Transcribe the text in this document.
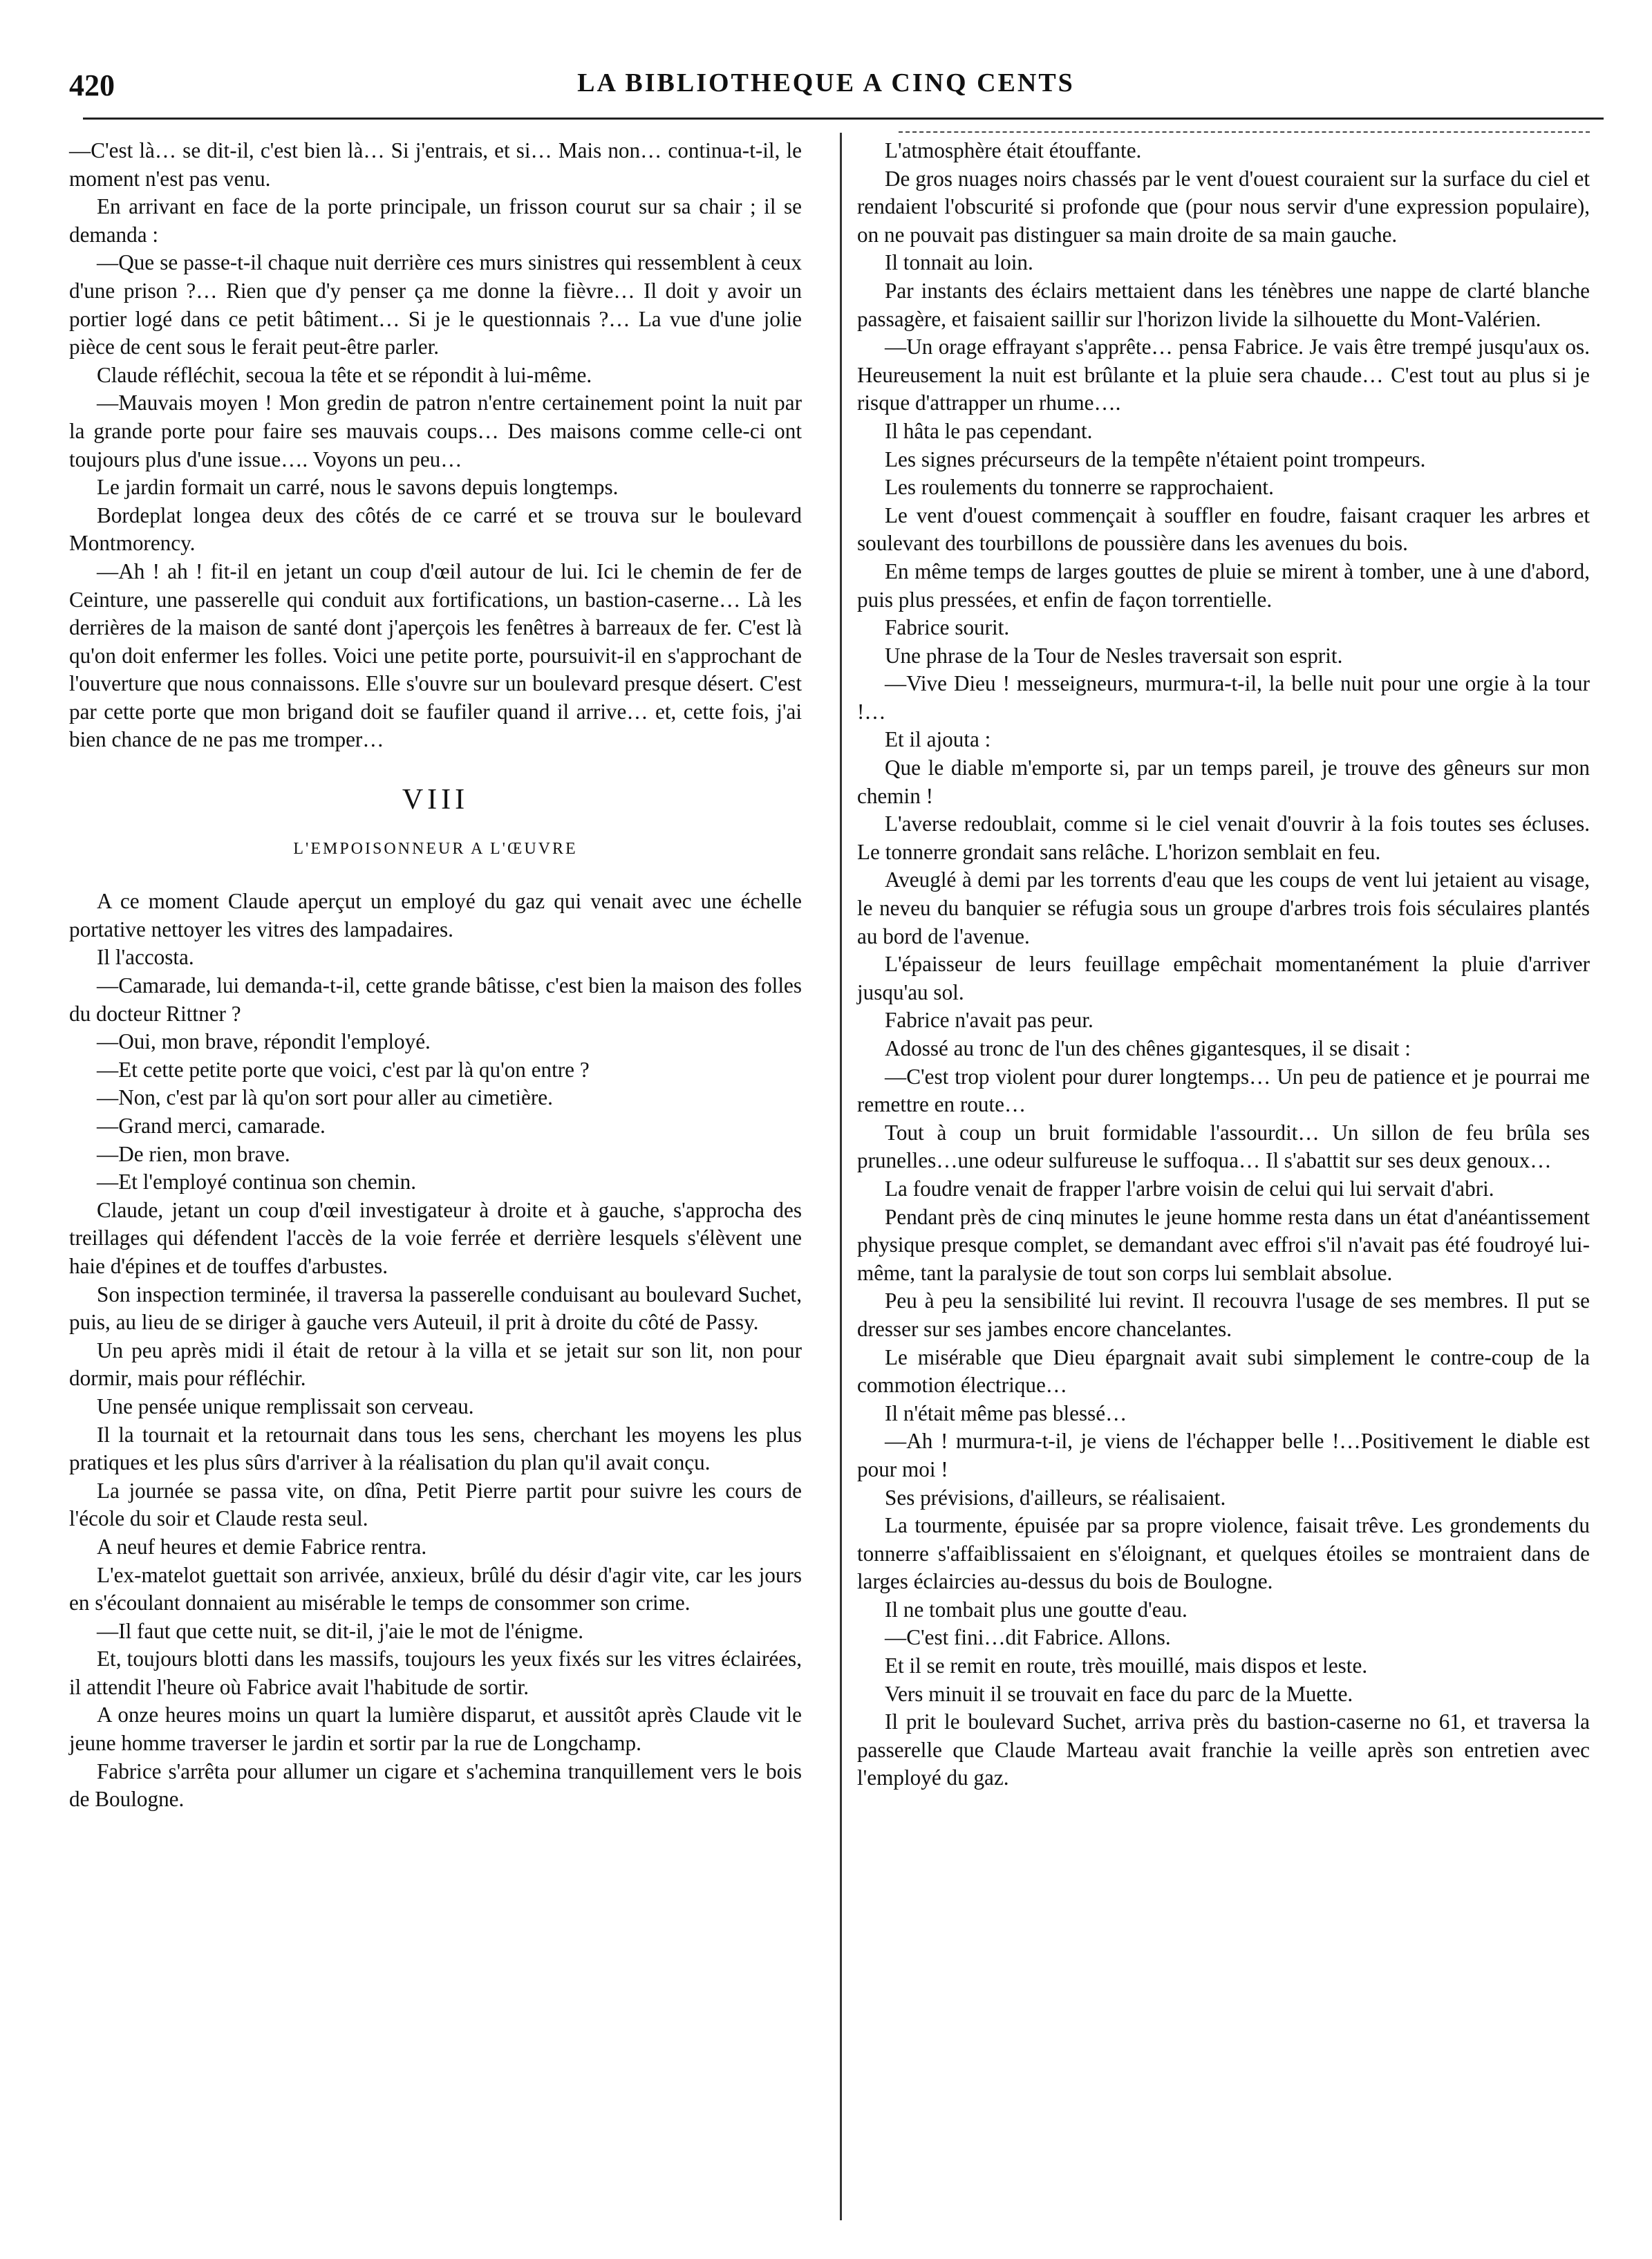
420	LA BIBLIOTHEQUE A CINQ CENTS

—C'est là… se dit-il, c'est bien là… Si j'entrais, et si… Mais non… continua-t-il, le moment n'est pas venu.

En arrivant en face de la porte principale, un frisson courut sur sa chair ; il se demanda :

—Que se passe-t-il chaque nuit derrière ces murs sinistres qui ressemblent à ceux d'une prison ?… Rien que d'y penser ça me donne la fièvre… Il doit y avoir un portier logé dans ce petit bâtiment… Si je le questionnais ?… La vue d'une jolie pièce de cent sous le ferait peut-être parler.

Claude réfléchit, secoua la tête et se répondit à lui-même.

—Mauvais moyen ! Mon gredin de patron n'entre certainement point la nuit par la grande porte pour faire ses mauvais coups… Des maisons comme celle-ci ont toujours plus d'une issue…. Voyons un peu…

Le jardin formait un carré, nous le savons depuis longtemps.

Bordeplat longea deux des côtés de ce carré et se trouva sur le boulevard Montmorency.

—Ah ! ah ! fit-il en jetant un coup d'œil autour de lui. Ici le chemin de fer de Ceinture, une passerelle qui conduit aux fortifications, un bastion-caserne… Là les derrières de la maison de santé dont j'aperçois les fenêtres à barreaux de fer. C'est là qu'on doit enfermer les folles. Voici une petite porte, poursuivit-il en s'approchant de l'ouverture que nous connaissons. Elle s'ouvre sur un boulevard presque désert. C'est par cette porte que mon brigand doit se faufiler quand il arrive… et, cette fois, j'ai bien chance de ne pas me tromper…

VIII
L'EMPOISONNEUR A L'ŒUVRE

A ce moment Claude aperçut un employé du gaz qui venait avec une échelle portative nettoyer les vitres des lampadaires.

Il l'accosta.

—Camarade, lui demanda-t-il, cette grande bâtisse, c'est bien la maison des folles du docteur Rittner ?

—Oui, mon brave, répondit l'employé.

—Et cette petite porte que voici, c'est par là qu'on entre ?

—Non, c'est par là qu'on sort pour aller au cimetière.

—Grand merci, camarade.

—De rien, mon brave.

—Et l'employé continua son chemin.

Claude, jetant un coup d'œil investigateur à droite et à gauche, s'approcha des treillages qui défendent l'accès de la voie ferrée et derrière lesquels s'élèvent une haie d'épines et de touffes d'arbustes.

Son inspection terminée, il traversa la passerelle conduisant au boulevard Suchet, puis, au lieu de se diriger à gauche vers Auteuil, il prit à droite du côté de Passy.

Un peu après midi il était de retour à la villa et se jetait sur son lit, non pour dormir, mais pour réfléchir.

Une pensée unique remplissait son cerveau.

Il la tournait et la retournait dans tous les sens, cherchant les moyens les plus pratiques et les plus sûrs d'arriver à la réalisation du plan qu'il avait conçu.

La journée se passa vite, on dîna, Petit Pierre partit pour suivre les cours de l'école du soir et Claude resta seul.

A neuf heures et demie Fabrice rentra.

L'ex-matelot guettait son arrivée, anxieux, brûlé du désir d'agir vite, car les jours en s'écoulant donnaient au misérable le temps de consommer son crime.

—Il faut que cette nuit, se dit-il, j'aie le mot de l'énigme.

Et, toujours blotti dans les massifs, toujours les yeux fixés sur les vitres éclairées, il attendit l'heure où Fabrice avait l'habitude de sortir.

A onze heures moins un quart la lumière disparut, et aussitôt après Claude vit le jeune homme traverser le jardin et sortir par la rue de Longchamp.

Fabrice s'arrêta pour allumer un cigare et s'achemina tranquillement vers le bois de Boulogne.

L'atmosphère était étouffante.

De gros nuages noirs chassés par le vent d'ouest couraient sur la surface du ciel et rendaient l'obscurité si profonde que (pour nous servir d'une expression populaire), on ne pouvait pas distinguer sa main droite de sa main gauche.

Il tonnait au loin.

Par instants des éclairs mettaient dans les ténèbres une nappe de clarté blanche passagère, et faisaient saillir sur l'horizon livide la silhouette du Mont-Valérien.

—Un orage effrayant s'apprête… pensa Fabrice. Je vais être trempé jusqu'aux os. Heureusement la nuit est brûlante et la pluie sera chaude… C'est tout au plus si je risque d'attrapper un rhume….

Il hâta le pas cependant.

Les signes précurseurs de la tempête n'étaient point trompeurs.

Les roulements du tonnerre se rapprochaient.

Le vent d'ouest commençait à souffler en foudre, faisant craquer les arbres et soulevant des tourbillons de poussière dans les avenues du bois.

En même temps de larges gouttes de pluie se mirent à tomber, une à une d'abord, puis plus pressées, et enfin de façon torrentielle.

Fabrice sourit.

Une phrase de la Tour de Nesles traversait son esprit.

—Vive Dieu ! messeigneurs, murmura-t-il, la belle nuit pour une orgie à la tour !…

Et il ajouta :

Que le diable m'emporte si, par un temps pareil, je trouve des gêneurs sur mon chemin !

L'averse redoublait, comme si le ciel venait d'ouvrir à la fois toutes ses écluses. Le tonnerre grondait sans relâche. L'horizon semblait en feu.

Aveuglé à demi par les torrents d'eau que les coups de vent lui jetaient au visage, le neveu du banquier se réfugia sous un groupe d'arbres trois fois séculaires plantés au bord de l'avenue.

L'épaisseur de leurs feuillage empêchait momentanément la pluie d'arriver jusqu'au sol.

Fabrice n'avait pas peur.

Adossé au tronc de l'un des chênes gigantesques, il se disait :

—C'est trop violent pour durer longtemps… Un peu de patience et je pourrai me remettre en route…

Tout à coup un bruit formidable l'assourdit… Un sillon de feu brûla ses prunelles…une odeur sulfureuse le suffoqua… Il s'abattit sur ses deux genoux…

La foudre venait de frapper l'arbre voisin de celui qui lui servait d'abri.

Pendant près de cinq minutes le jeune homme resta dans un état d'anéantissement physique presque complet, se demandant avec effroi s'il n'avait pas été foudroyé lui-même, tant la paralysie de tout son corps lui semblait absolue.

Peu à peu la sensibilité lui revint. Il recouvra l'usage de ses membres. Il put se dresser sur ses jambes encore chancelantes.

Le misérable que Dieu épargnait avait subi simplement le contre-coup de la commotion électrique…

Il n'était même pas blessé…

—Ah ! murmura-t-il, je viens de l'échapper belle !…Positivement le diable est pour moi !

Ses prévisions, d'ailleurs, se réalisaient.

La tourmente, épuisée par sa propre violence, faisait trêve. Les grondements du tonnerre s'affaiblissaient en s'éloignant, et quelques étoiles se montraient dans de larges éclaircies au-dessus du bois de Boulogne.

Il ne tombait plus une goutte d'eau.

—C'est fini…dit Fabrice. Allons.

Et il se remit en route, très mouillé, mais dispos et leste.

Vers minuit il se trouvait en face du parc de la Muette.

Il prit le boulevard Suchet, arriva près du bastion-caserne no 61, et traversa la passerelle que Claude Marteau avait franchie la veille après son entretien avec l'employé du gaz.
